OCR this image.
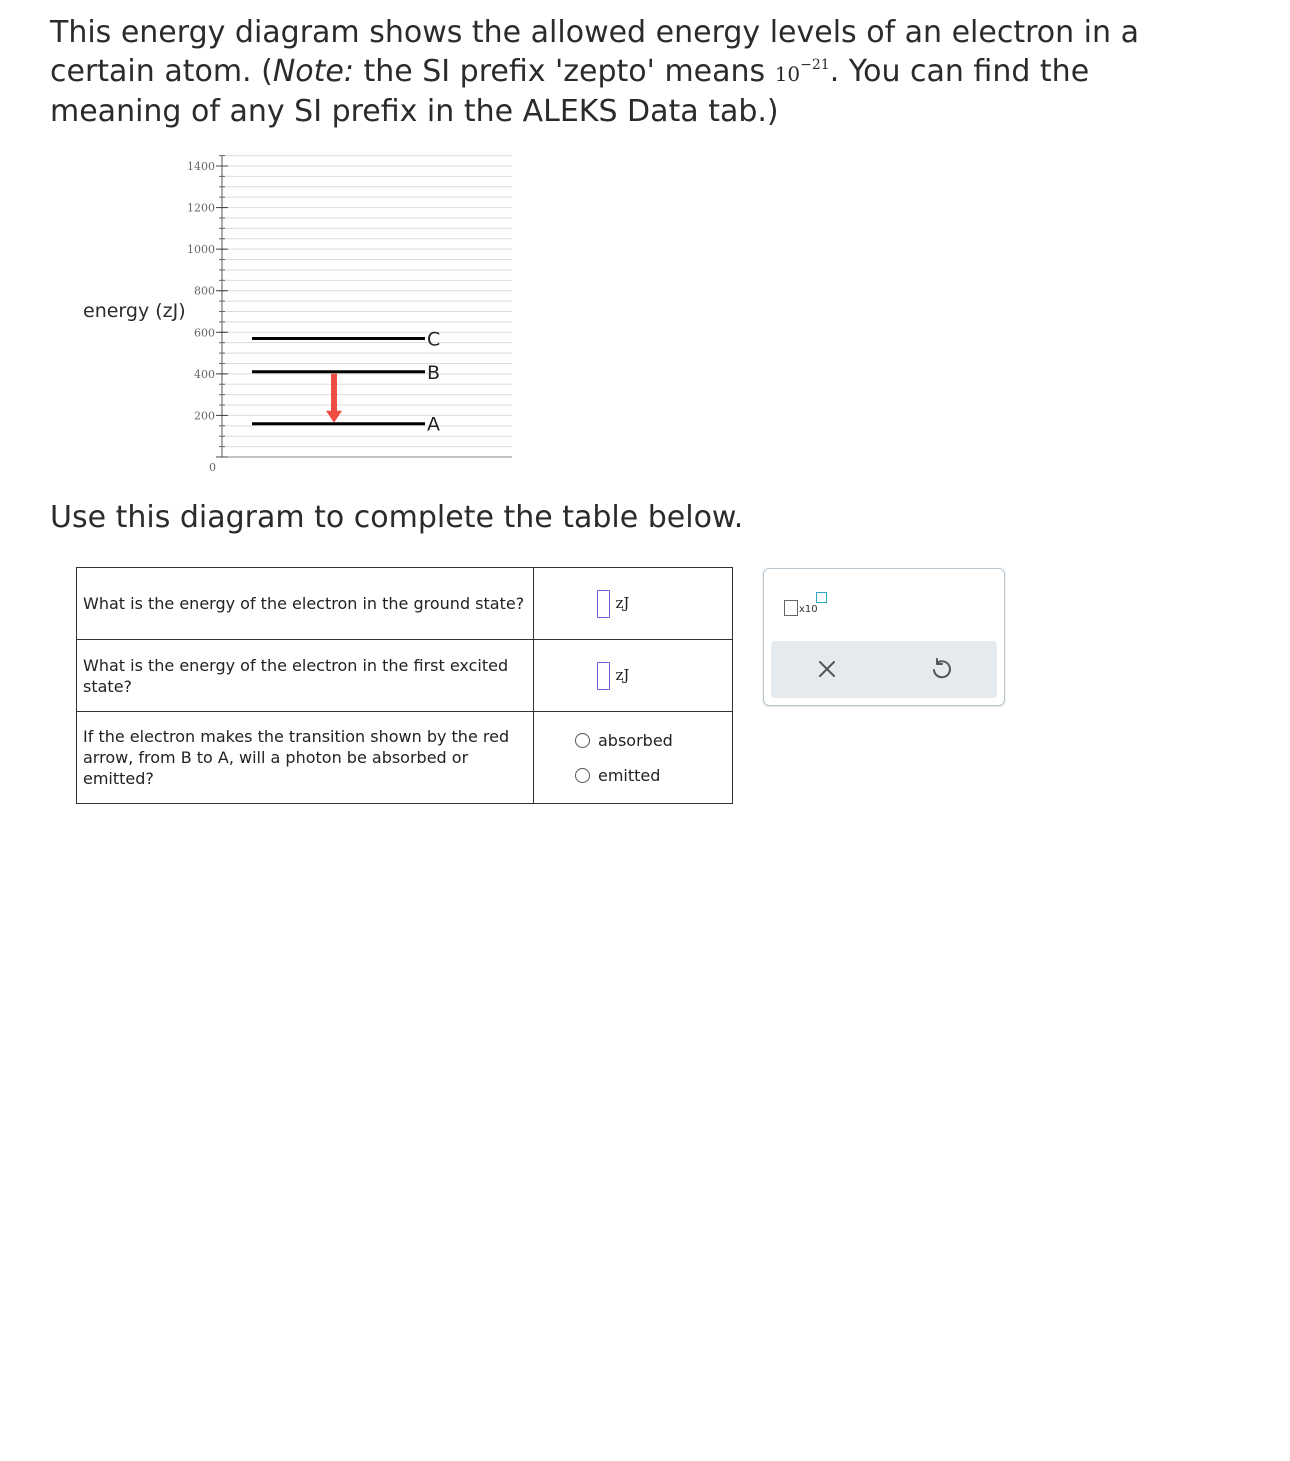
This energy diagram shows the allowed energy levels of an electron in a certain atom. (Note: the SI prefix 'zepto' means $10^{-21}$. You can find the meaning of any SI prefix in the ALEKS Data tab.)

0
200
400
600
800
1000
1200
1400
A
B
C
energy (zJ)

Use this diagram to complete the table below.

What is the energy of the electron in the ground state?	zJ

What is the energy of the electron in the first excited state?	zJ

If the electron makes the transition shown by the red arrow, from B to A, will a photon be absorbed or emitted?	absorbed
emitted
x10
